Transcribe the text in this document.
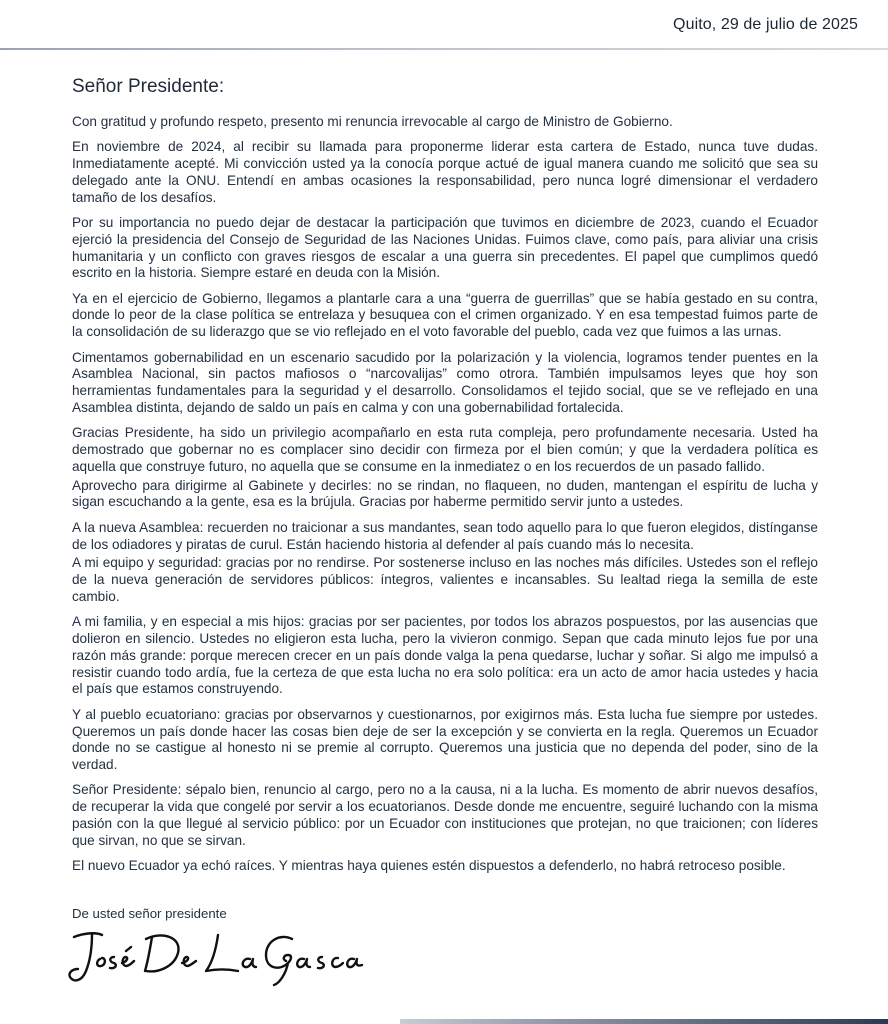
Quito, 29 de julio de 2025
Señor Presidente:

Con gratitud y profundo respeto, presento mi renuncia irrevocable al cargo de Ministro de Gobierno.

En noviembre de 2024, al recibir su llamada para proponerme liderar esta cartera de Estado, nunca tuve dudas. Inmediatamente acepté. Mi convicción usted ya la conocía porque actué de igual manera cuando me solicitó que sea su delegado ante la ONU. Entendí en ambas ocasiones la responsabilidad, pero nunca logré dimensionar el verdadero tamaño de los desafíos.

Por su importancia no puedo dejar de destacar la participación que tuvimos en diciembre de 2023, cuando el Ecuador ejerció la presidencia del Consejo de Seguridad de las Naciones Unidas. Fuimos clave, como país, para aliviar una crisis humanitaria y un conflicto con graves riesgos de escalar a una guerra sin precedentes. El papel que cumplimos quedó escrito en la historia. Siempre estaré en deuda con la Misión.

Ya en el ejercicio de Gobierno, llegamos a plantarle cara a una “guerra de guerrillas” que se había gestado en su contra, donde lo peor de la clase política se entrelaza y besuquea con el crimen organizado. Y en esa tempestad fuimos parte de la consolidación de su liderazgo que se vio reflejado en el voto favorable del pueblo, cada vez que fuimos a las urnas.

Cimentamos gobernabilidad en un escenario sacudido por la polarización y la violencia, logramos tender puentes en la Asamblea Nacional, sin pactos mafiosos o “narcovalijas” como otrora. También impulsamos leyes que hoy son herramientas fundamentales para la seguridad y el desarrollo. Consolidamos el tejido social, que se ve reflejado en una Asamblea distinta, dejando de saldo un país en calma y con una gobernabilidad fortalecida.

Gracias Presidente, ha sido un privilegio acompañarlo en esta ruta compleja, pero profundamente necesaria. Usted ha demostrado que gobernar no es complacer sino decidir con firmeza por el bien común; y que la verdadera política es aquella que construye futuro, no aquella que se consume en la inmediatez o en los recuerdos de un pasado fallido.

Aprovecho para dirigirme al Gabinete y decirles: no se rindan, no flaqueen, no duden, mantengan el espíritu de lucha y sigan escuchando a la gente, esa es la brújula. Gracias por haberme permitido servir junto a ustedes.

A la nueva Asamblea: recuerden no traicionar a sus mandantes, sean todo aquello para lo que fueron elegidos, distínganse de los odiadores y piratas de curul. Están haciendo historia al defender al país cuando más lo necesita.

A mi equipo y seguridad: gracias por no rendirse. Por sostenerse incluso en las noches más difíciles. Ustedes son el reflejo de la nueva generación de servidores públicos: íntegros, valientes e incansables. Su lealtad riega la semilla de este cambio.

A mi familia, y en especial a mis hijos: gracias por ser pacientes, por todos los abrazos pospuestos, por las ausencias que dolieron en silencio. Ustedes no eligieron esta lucha, pero la vivieron conmigo. Sepan que cada minuto lejos fue por una razón más grande: porque merecen crecer en un país donde valga la pena quedarse, luchar y soñar. Si algo me impulsó a resistir cuando todo ardía, fue la certeza de que esta lucha no era solo política: era un acto de amor hacia ustedes y hacia el país que estamos construyendo.

Y al pueblo ecuatoriano: gracias por observarnos y cuestionarnos, por exigirnos más. Esta lucha fue siempre por ustedes. Queremos un país donde hacer las cosas bien deje de ser la excepción y se convierta en la regla. Queremos un Ecuador donde no se castigue al honesto ni se premie al corrupto. Queremos una justicia que no dependa del poder, sino de la verdad.

Señor Presidente: sépalo bien, renuncio al cargo, pero no a la causa, ni a la lucha. Es momento de abrir nuevos desafíos, de recuperar la vida que congelé por servir a los ecuatorianos. Desde donde me encuentre, seguiré luchando con la misma pasión con la que llegué al servicio público: por un Ecuador con instituciones que protejan, no que traicionen; con líderes que sirvan, no que se sirvan.

El nuevo Ecuador ya echó raíces. Y mientras haya quienes estén dispuestos a defenderlo, no habrá retroceso posible.

De usted señor presidente
